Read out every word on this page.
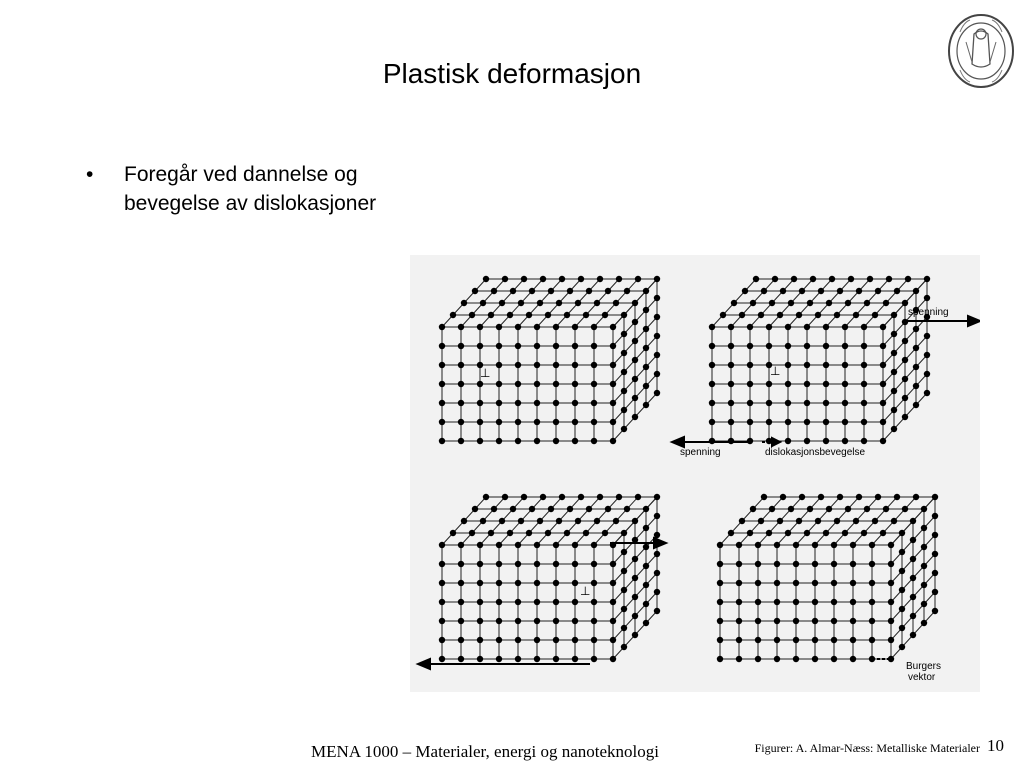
Plastisk deformasjon
• Foregår ved dannelse og
bevegelse av dislokasjoner
spenning
spenning	dislokasjonsbevegelse
Burgers
vektor
⊥	⊥
⊥
MENA 1000 – Materialer, energi og nanoteknologi	Figurer: A. Almar-Næss: Metalliske Materialer 10
